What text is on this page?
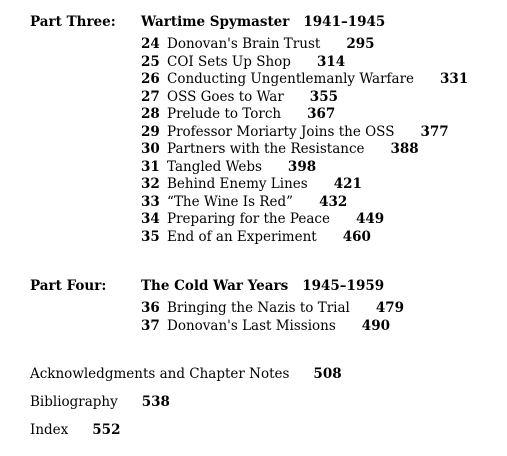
Part Three: Wartime Spymaster 1941–1945
24 Donovan's Brain Trust 295
25 COI Sets Up Shop 314
26 Conducting Ungentlemanly Warfare 331
27 OSS Goes to War 355
28 Prelude to Torch 367
29 Professor Moriarty Joins the OSS 377
30 Partners with the Resistance 388
31 Tangled Webs 398
32 Behind Enemy Lines 421
33 “The Wine Is Red” 432
34 Preparing for the Peace 449
35 End of an Experiment 460
Part Four:	The Cold War Years 1945–1959
36 Bringing the Nazis to Trial 479
37 Donovan's Last Missions 490
Acknowledgments and Chapter Notes 508
Bibliography 538
Index 552
